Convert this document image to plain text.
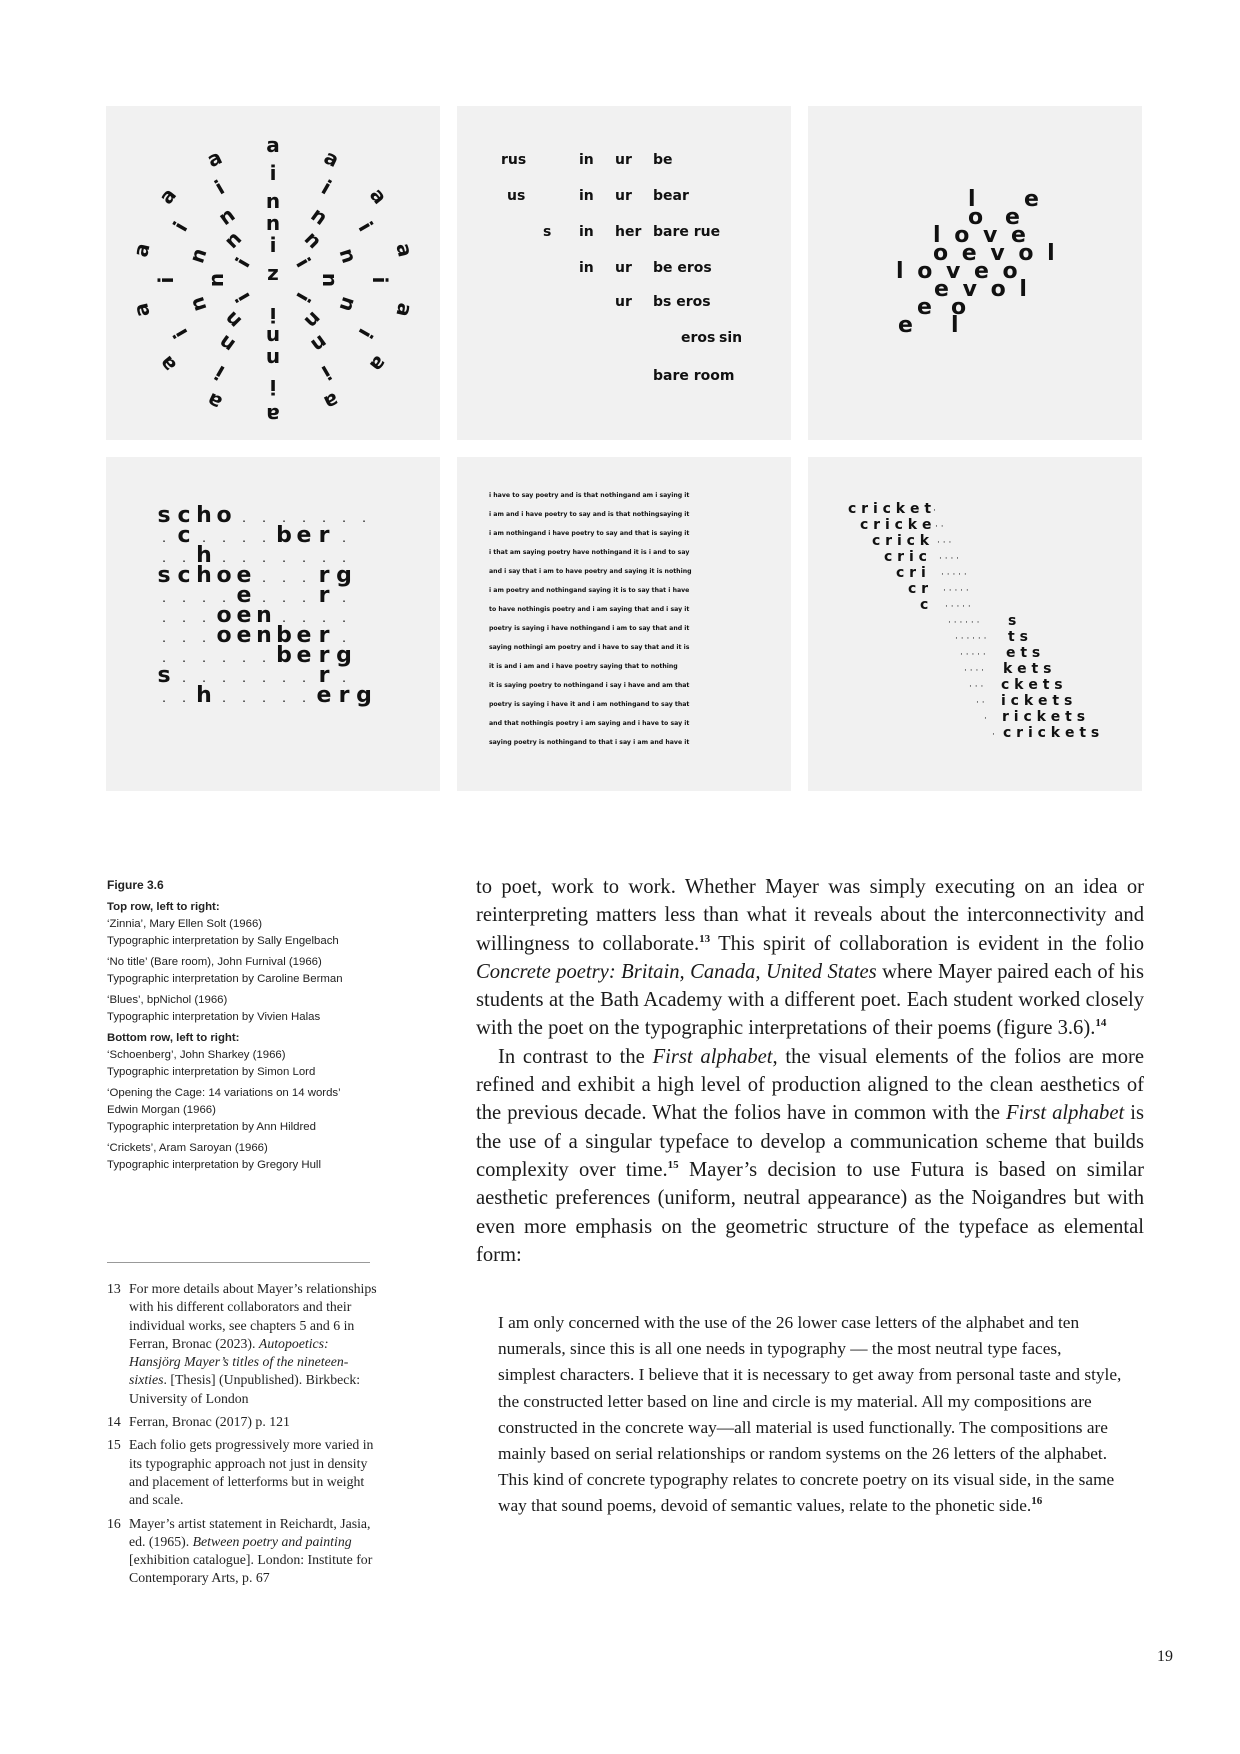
a a
a
a
a
a
a
a
a
a
a
a
a
a
i
i
i
i
i
i
i
i
i
i
i
i
n
n
n
n
n
n
n
n
n
n n
n
n
n
n
n
n
n i
i
i
i
i
i z
rus	in ur be
us	in ur bear
s in her bare rue
in ur be eros
ur bs eros
eros sin
bare room
l e
o e
l o v e
o e v o l
l o v e o
e v o l
e o
e l
s c h o . . . . . . .
. c . . . . b e r .
. . h . . . . . . .
s c h o e . . . r g
. . . . e . . . r .
. . . o e n . . . .
. . . o e n b e r .
. . . . . . b e r g
s . . . . . . . r .
. . h . . . . . e r g
i have to say poetry and is that nothingand am i saying it
i am and i have poetry to say and is that nothingsaying it
i am nothingand i have poetry to say and that is saying it
i that am saying poetry have nothingand it is i and to say
and i say that i am to have poetry and saying it is nothing
i am poetry and nothingand saying it is to say that i have
to have nothingis poetry and i am saying that and i say it
poetry is saying i have nothingand i am to say that and it
saying nothingi am poetry and i have to say that and it is
it is and i am and i have poetry saying that to nothing
it is saying poetry to nothingand i say i have and am that
poetry is saying i have it and i am nothingand to say that
and that nothingis poetry i am saying and i have to say it
saying poetry is nothingand to that i say i am and have it
c r i c k e t ·
c r i c k e · ·
c r i c k · · ·
c r i c · · · ·
c r i · · · · ·
c r · · · · ·
c · · · · ·
s
· · · · · ·
t s
· · · · · ·
e t s
· · · · ·
k e t s
· · · ·
c k e t s
· · ·
i c k e t s
· ·
r i c k e t s
·
c r i c k e t s
·
Figure 3.6
Top row, left to right:
‘Zinnia’, Mary Ellen Solt (1966)
Typographic interpretation by Sally Engelbach
‘No title’ (Bare room), John Furnival (1966)
Typographic interpretation by Caroline Berman
‘Blues’, bpNichol (1966)
Typographic interpretation by Vivien Halas
Bottom row, left to right:
‘Schoenberg’, John Sharkey (1966)
Typographic interpretation by Simon Lord
‘Opening the Cage: 14 variations on 14 words’
Edwin Morgan (1966)
Typographic interpretation by Ann Hildred
‘Crickets’, Aram Saroyan (1966)
Typographic interpretation by Gregory Hull
13 For more details about Mayer’s relationships with his different collaborators and their individual works, see chapters 5 and 6 in Ferran, Bronac (2023). Autopoetics: Hansjörg Mayer’s titles of the nineteen-sixties. [Thesis] (Unpublished). Birkbeck: University of London
14 Ferran, Bronac (2017) p. 121
15 Each folio gets progressively more varied in its typographic approach not just in density and placement of letterforms but in weight and scale.
16 Mayer’s artist statement in Reichardt, Jasia, ed. (1965). Between poetry and painting [exhibition catalogue]. London: Institute for Contemporary Arts, p. 67

to poet, work to work. Whether Mayer was simply executing on an idea or reinterpreting matters less than what it reveals about the interconnectivity and willingness to collaborate.$^{13}$ This spirit of collaboration is evident in the folio Concrete poetry: Britain, Canada, United States where Mayer paired each of his students at the Bath Academy with a different poet. Each student worked closely with the poet on the typographic interpretations of their poems (figure 3.6).$^{14}$

In contrast to the First alphabet, the visual elements of the folios are more refined and exhibit a high level of production aligned to the clean aesthetics of the previous decade. What the folios have in common with the First alphabet is the use of a singular typeface to develop a communication scheme that builds complexity over time.$^{15}$ Mayer’s decision to use Futura is based on similar aesthetic preferences (uniform, neutral appearance) as the Noigandres but with even more emphasis on the geometric structure of the typeface as elemental form:

I am only concerned with the use of the 26 lower case letters of the alphabet and ten numerals, since this is all one needs in typography — the most neutral type faces, simplest characters. I believe that it is necessary to get away from personal taste and style, the constructed letter based on line and circle is my material. All my compositions are constructed in the concrete way—all material is used functionally. The compositions are mainly based on serial relationships or random systems on the 26 letters of the alphabet. This kind of concrete typography relates to concrete poetry on its visual side, in the same way that sound poems, devoid of semantic values, relate to the phonetic side.$^{16}$
19
